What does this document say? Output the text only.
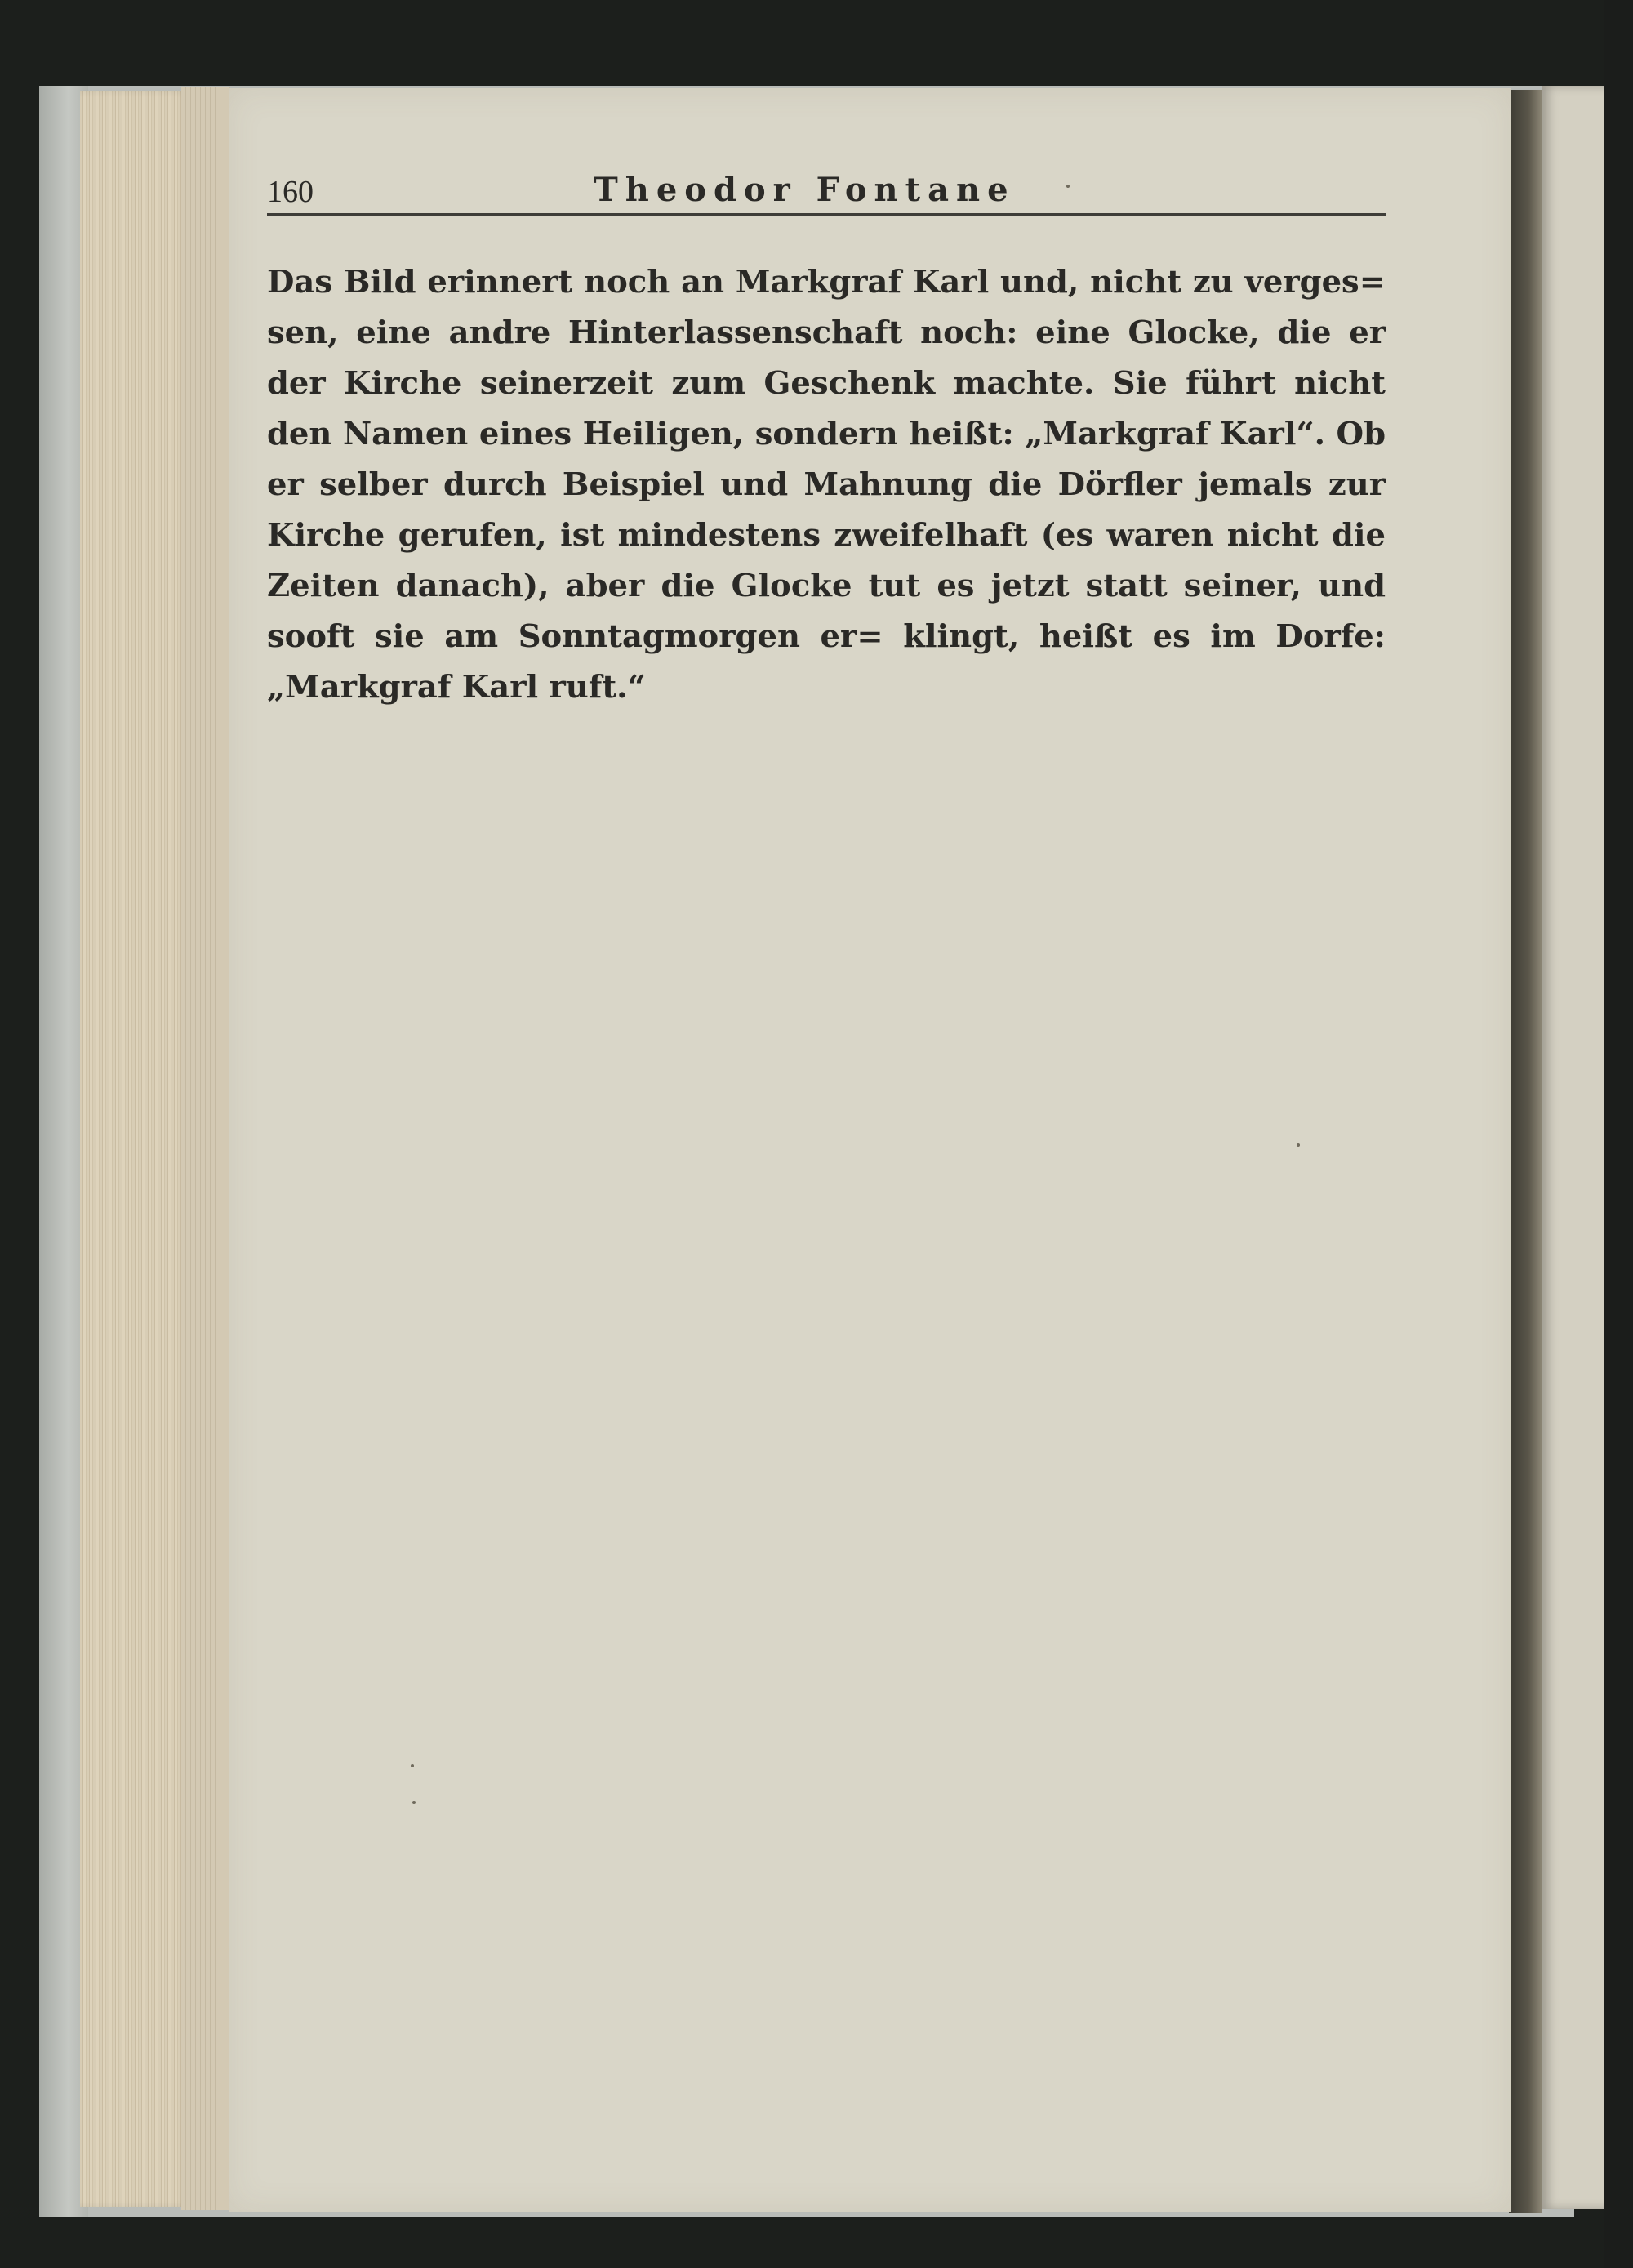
160	Theodor Fontane

Das Bild erinnert noch an Markgraf Karl und, nicht zu verges= sen, eine andre Hinterlassenschaft noch: eine Glocke, die er der Kirche seinerzeit zum Geschenk machte. Sie führt nicht den Namen eines Heiligen, sondern heißt: „Markgraf Karl“. Ob er selber durch Beispiel und Mahnung die Dörfler jemals zur Kirche gerufen, ist mindestens zweifelhaft (es waren nicht die Zeiten danach), aber die Glocke tut es jetzt statt seiner, und sooft sie am Sonntagmorgen er= klingt, heißt es im Dorfe: „Markgraf Karl ruft.“
